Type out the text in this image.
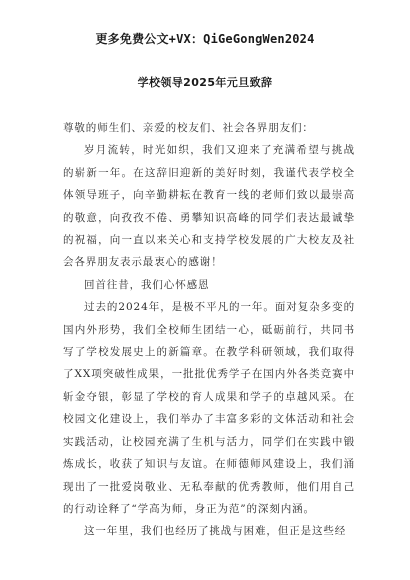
更多免费公文+VX：QiGeGongWen2024
学校领导2025年元旦致辞

尊敬的师生们、亲爱的校友们、社会各界朋友们：

岁月流转，时光如织，我们又迎来了充满希望与挑战的崭新一年。在这辞旧迎新的美好时刻，我谨代表学校全体领导班子，向辛勤耕耘在教育一线的老师们致以最崇高的敬意，向孜孜不倦、勇攀知识高峰的同学们表达最诚挚的祝福，向一直以来关心和支持学校发展的广大校友及社会各界朋友表示最衷心的感谢！

回首往昔，我们心怀感恩

过去的2024年，是极不平凡的一年。面对复杂多变的国内外形势，我们全校师生团结一心，砥砺前行，共同书写了学校发展史上的新篇章。在教学科研领域，我们取得了XX项突破性成果，一批批优秀学子在国内外各类竞赛中斩金夺银，彰显了学校的育人成果和学子的卓越风采。在校园文化建设上，我们举办了丰富多彩的文体活动和社会实践活动，让校园充满了生机与活力，同学们在实践中锻炼成长，收获了知识与友谊。在师德师风建设上，我们涌现出了一批爱岗敬业、无私奉献的优秀教师，他们用自己的行动诠释了“学高为师，身正为范”的深刻内涵。

这一年里，我们也经历了挑战与困难，但正是这些经
